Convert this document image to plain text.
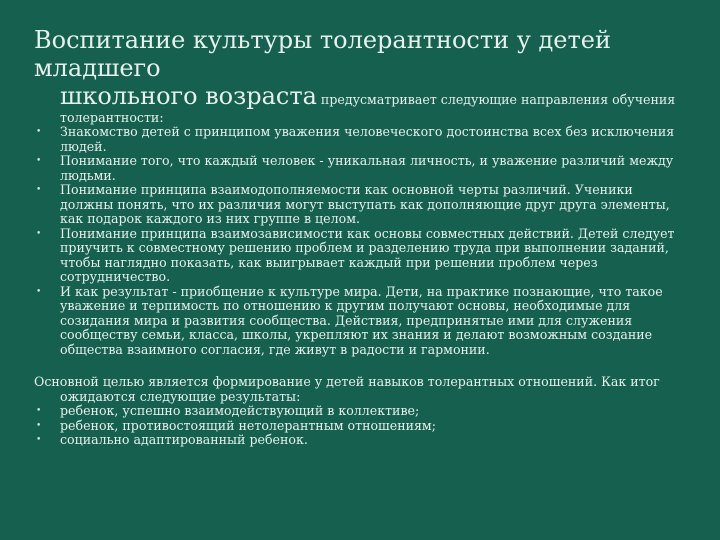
Воспитание культуры толерантности у детей младшего
школьного возраста предусматривает следующие направления обучения
толерантности:
• Знакомство детей с принципом уважения человеческого достоинства всех без исключения людей.
• Понимание того, что каждый человек - уникальная личность, и уважение различий между людьми.
• Понимание принципа взаимодополняемости как основной черты различий. Ученики должны понять, что их различия могут выступать как дополняющие друг друга элементы, как подарок каждого из них группе в целом.
• Понимание принципа взаимозависимости как основы совместных действий. Детей следует приучить к совместному решению проблем и разделению труда при выполнении заданий, чтобы наглядно показать, как выигрывает каждый при решении проблем через сотрудничество.
• И как результат - приобщение к культуре мира. Дети, на практике познающие, что такое уважение и терпимость по отношению к другим получают основы, необходимые для созидания мира и развития сообщества. Действия, предпринятые ими для служения сообществу семьи, класса, школы, укрепляют их знания и делают возможным создание общества взаимного согласия, где живут в радости и гармонии.
Основной целью является формирование у детей навыков толерантных отношений. Как итог
ожидаются следующие результаты:
• ребенок, успешно взаимодействующий в коллективе;
• ребенок, противостоящий нетолерантным отношениям;
• социально адаптированный ребенок.
